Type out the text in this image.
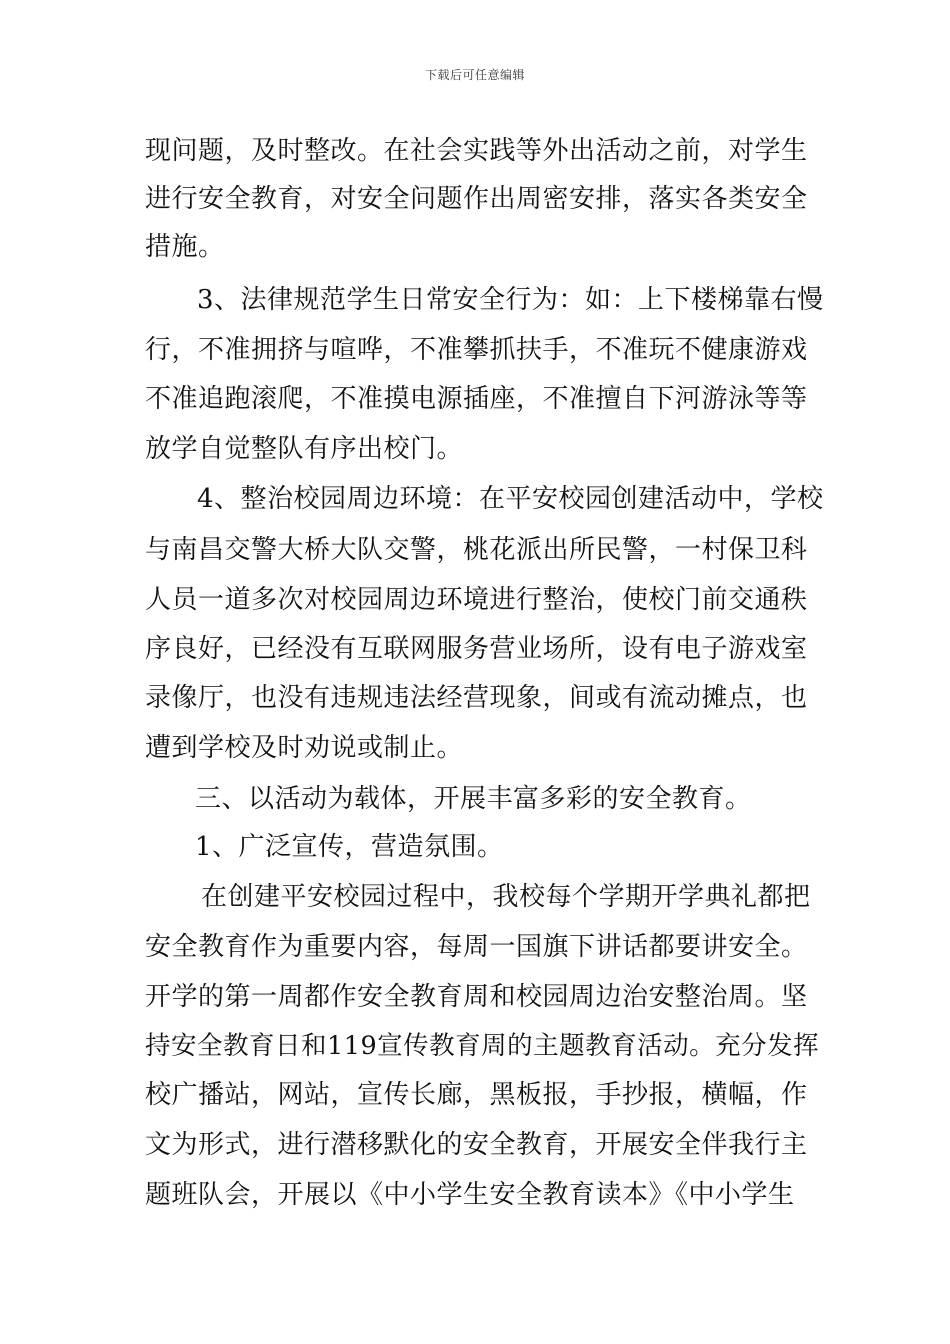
下载后可任意编辑
现问题，及时整改。在社会实践等外出活动之前，对学生
进行安全教育，对安全问题作出周密安排，落实各类安全
措施。
3、法律规范学生日常安全行为：如：上下楼梯靠右慢
行，不准拥挤与喧哗，不准攀抓扶手，不准玩不健康游戏
不准追跑滚爬，不准摸电源插座，不准擅自下河游泳等等
放学自觉整队有序出校门。
4、整治校园周边环境：在平安校园创建活动中，学校
与南昌交警大桥大队交警，桃花派出所民警，一村保卫科
人员一道多次对校园周边环境进行整治，使校门前交通秩
序良好，已经没有互联网服务营业场所，设有电子游戏室
录像厅，也没有违规违法经营现象，间或有流动摊点，也
遭到学校及时劝说或制止。
三、以活动为载体，开展丰富多彩的安全教育。
1、广泛宣传，营造氛围。
在创建平安校园过程中，我校每个学期开学典礼都把
安全教育作为重要内容，每周一国旗下讲话都要讲安全。
开学的第一周都作安全教育周和校园周边治安整治周。坚
持安全教育日和119宣传教育周的主题教育活动。充分发挥
校广播站，网站，宣传长廊，黑板报，手抄报，横幅，作
文为形式，进行潜移默化的安全教育，开展安全伴我行主
题班队会，开展以《中小学生安全教育读本》《中小学生
